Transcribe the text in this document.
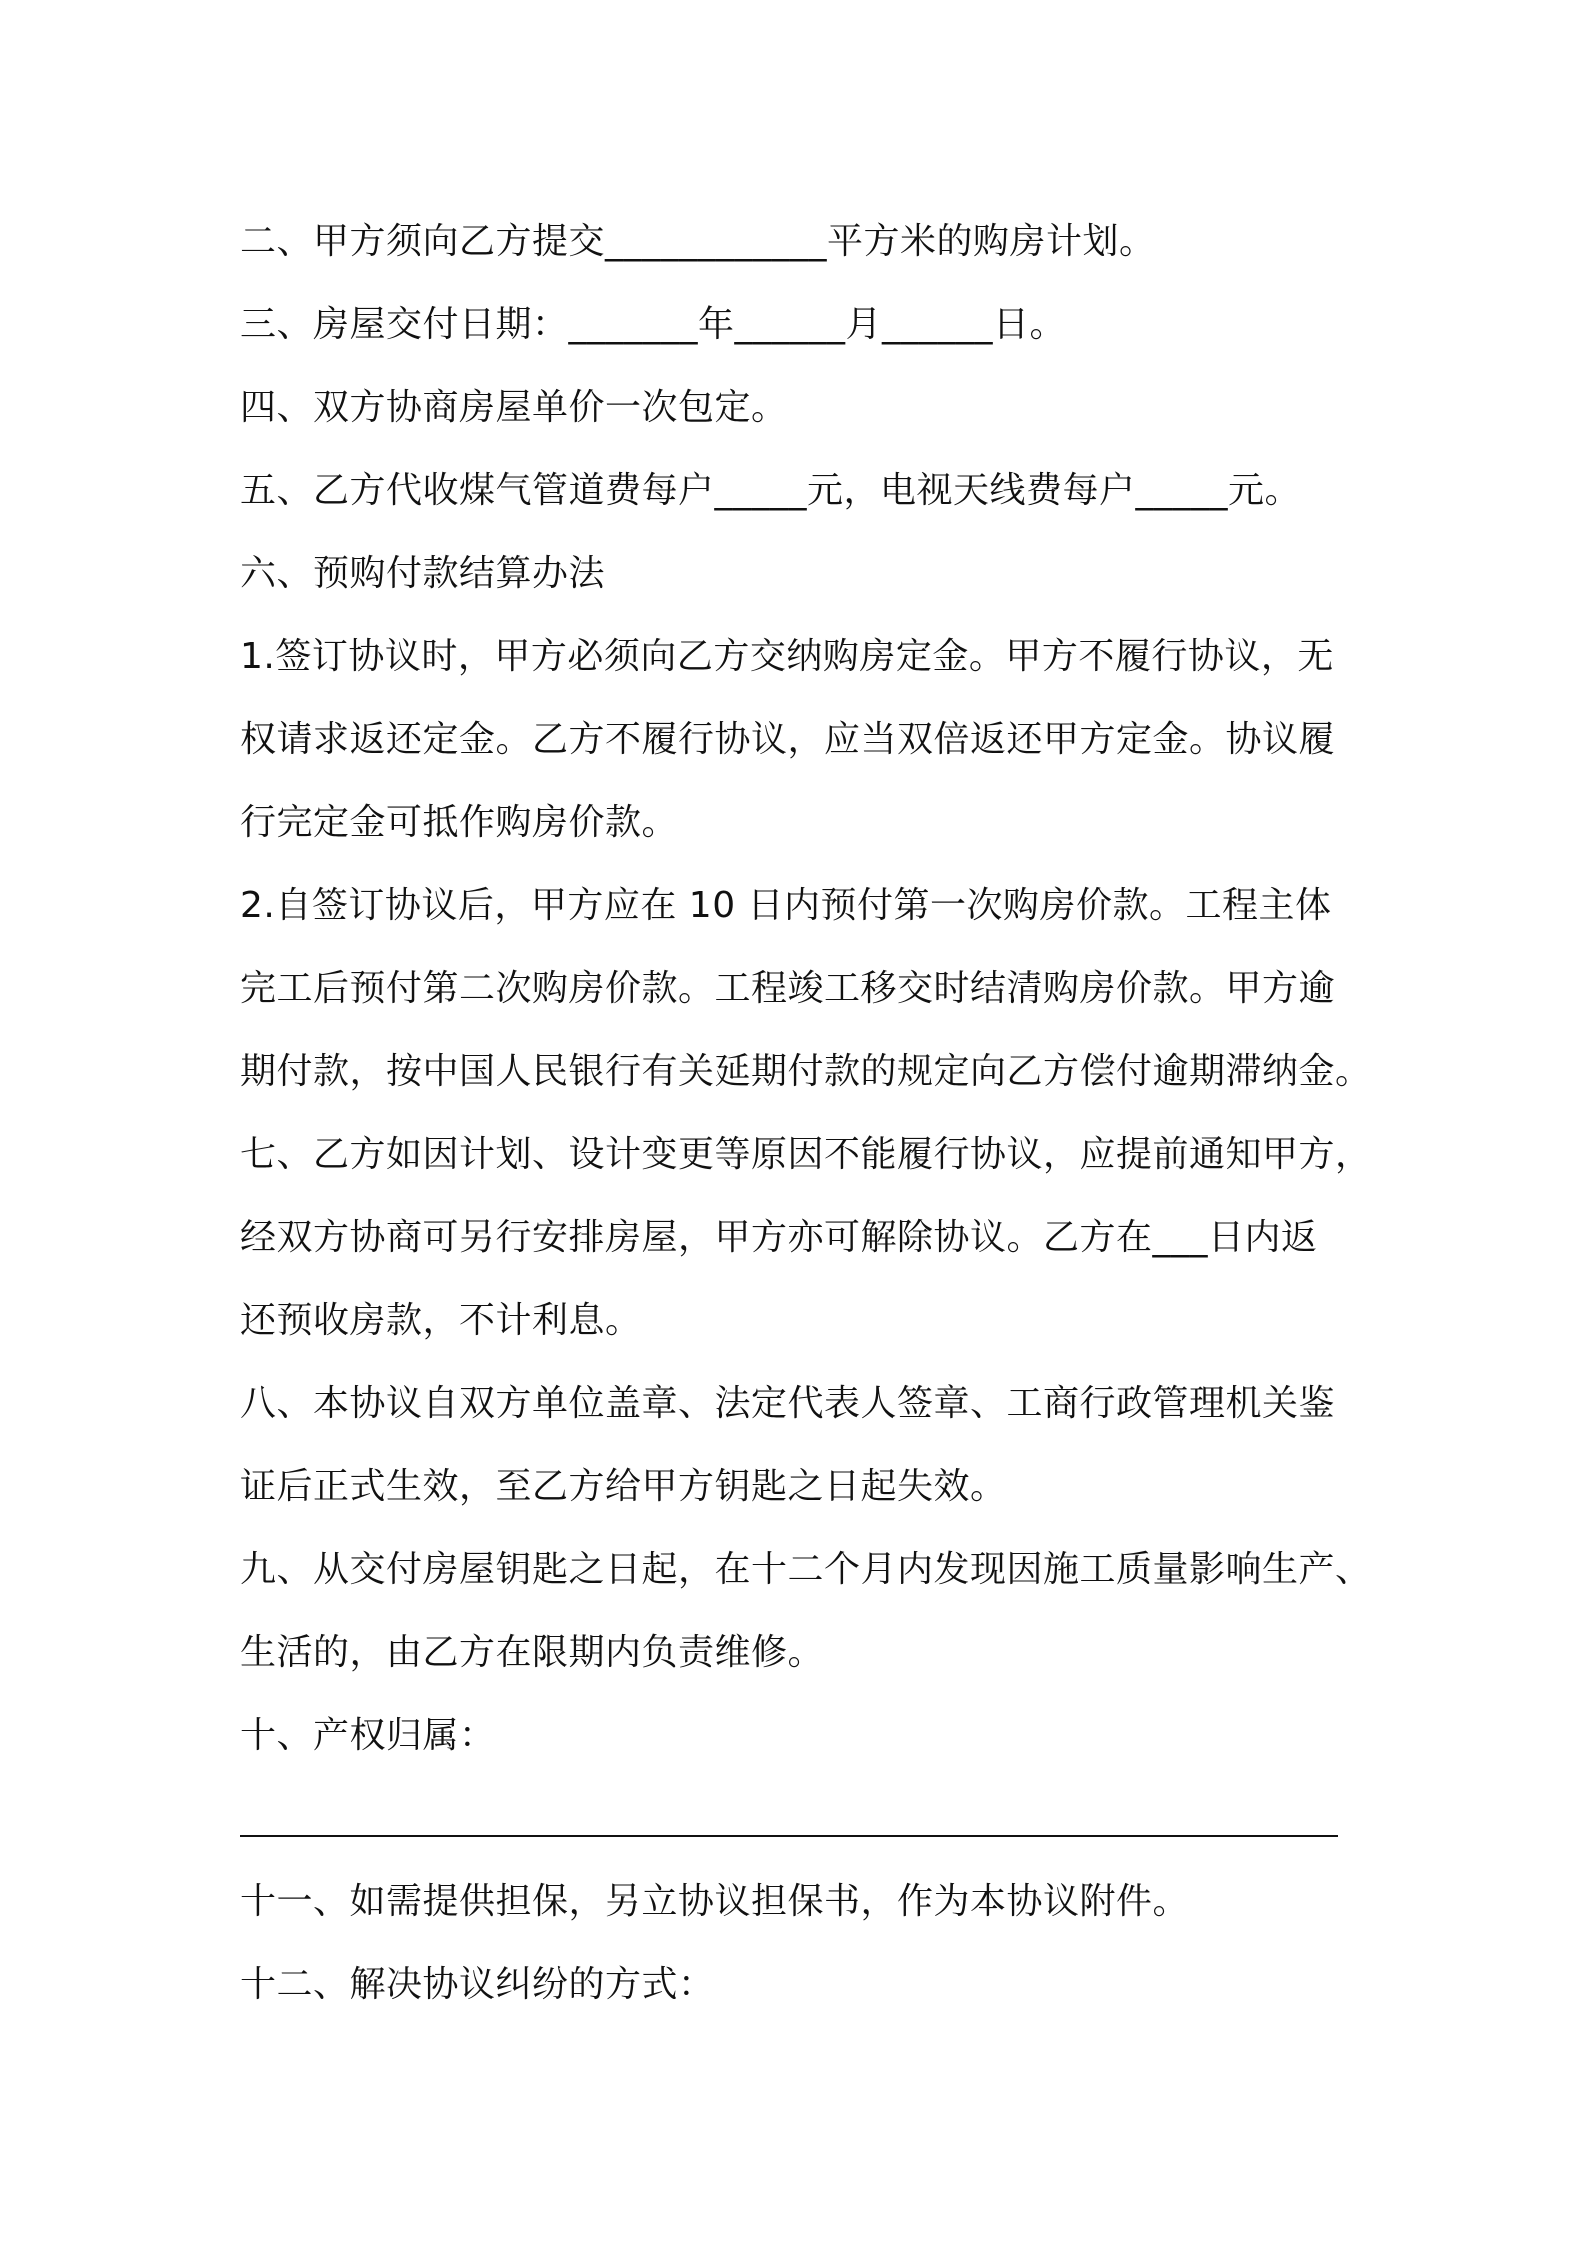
二、甲方须向乙方提交____________平方米的购房计划。
三、房屋交付日期：_______年______月______日。
四、双方协商房屋单价一次包定。
五、乙方代收煤气管道费每户_____元，电视天线费每户_____元。
六、预购付款结算办法
1.签订协议时，甲方必须向乙方交纳购房定金。甲方不履行协议，无
权请求返还定金。乙方不履行协议，应当双倍返还甲方定金。协议履
行完定金可抵作购房价款。
2.自签订协议后，甲方应在 10 日内预付第一次购房价款。工程主体
完工后预付第二次购房价款。工程竣工移交时结清购房价款。甲方逾
期付款，按中国人民银行有关延期付款的规定向乙方偿付逾期滞纳金。
七、乙方如因计划、设计变更等原因不能履行协议，应提前通知甲方，
经双方协商可另行安排房屋，甲方亦可解除协议。乙方在___日内返
还预收房款，不计利息。
八、本协议自双方单位盖章、法定代表人签章、工商行政管理机关鉴
证后正式生效，至乙方给甲方钥匙之日起失效。
九、从交付房屋钥匙之日起，在十二个月内发现因施工质量影响生产、
生活的，由乙方在限期内负责维修。
十、产权归属：
十一、如需提供担保，另立协议担保书，作为本协议附件。
十二、解决协议纠纷的方式：
